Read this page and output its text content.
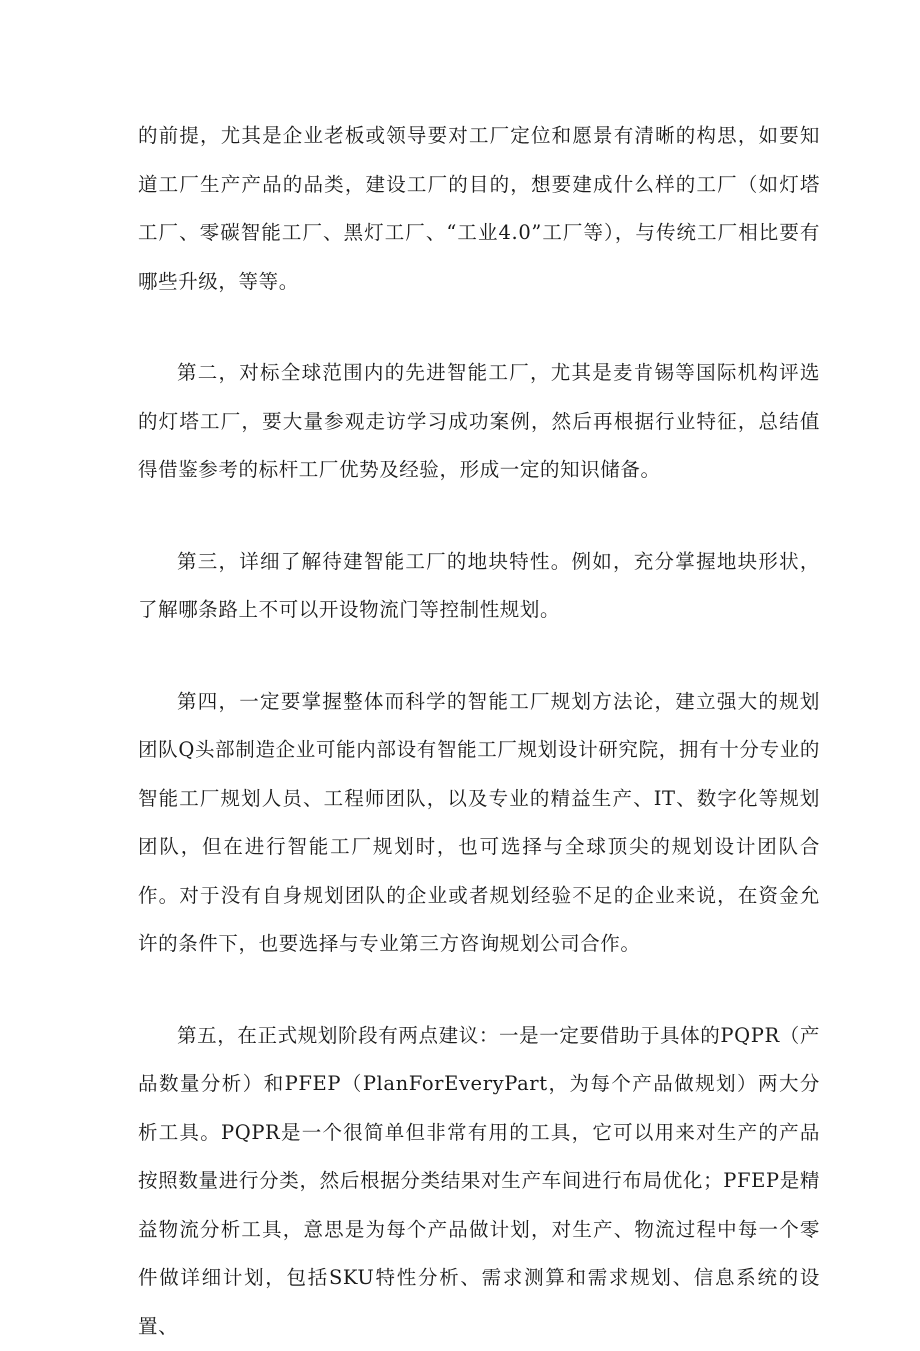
的前提，尤其是企业老板或领导要对工厂定位和愿景有清晰的构思，如要知道工厂生产产品的品类，建设工厂的目的，想要建成什么样的工厂（如灯塔工厂、零碳智能工厂、黑灯工厂、“工业4.0”工厂等），与传统工厂相比要有哪些升级，等等。

第二，对标全球范围内的先进智能工厂，尤其是麦肯锡等国际机构评选的灯塔工厂，要大量参观走访学习成功案例，然后再根据行业特征，总结值得借鉴参考的标杆工厂优势及经验，形成一定的知识储备。

第三，详细了解待建智能工厂的地块特性。例如，充分掌握地块形状，了解哪条路上不可以开设物流门等控制性规划。

第四，一定要掌握整体而科学的智能工厂规划方法论，建立强大的规划团队Q头部制造企业可能内部设有智能工厂规划设计研究院，拥有十分专业的智能工厂规划人员、工程师团队，以及专业的精益生产、IT、数字化等规划团队，但在进行智能工厂规划时，也可选择与全球顶尖的规划设计团队合作。对于没有自身规划团队的企业或者规划经验不足的企业来说，在资金允许的条件下，也要选择与专业第三方咨询规划公司合作。

第五，在正式规划阶段有两点建议：一是一定要借助于具体的PQPR（产品数量分析）和PFEP（PlanForEveryPart，为每个产品做规划）两大分析工具。PQPR是一个很简单但非常有用的工具，它可以用来对生产的产品按照数量进行分类，然后根据分类结果对生产车间进行布局优化；PFEP是精益物流分析工具，意思是为每个产品做计划，对生产、物流过程中每一个零件做详细计划，包括SKU特性分析、需求测算和需求规划、信息系统的设置、
